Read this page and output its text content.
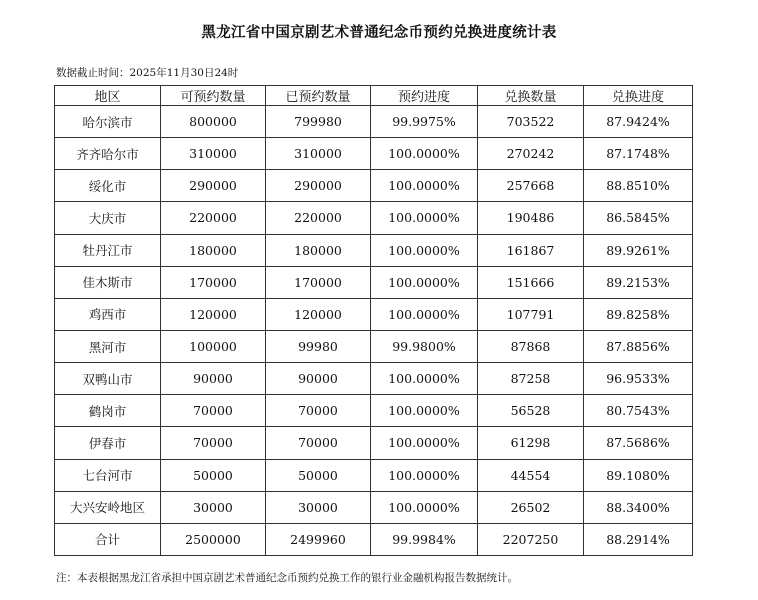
黑龙江省中国京剧艺术普通纪念币预约兑换进度统计表
数据截止时间：2025年11月30日24时
地区	可预约数量	已预约数量	预约进度	兑换数量	兑换进度
哈尔滨市	800000	799980	99.9975%	703522	87.9424%
齐齐哈尔市	310000	310000	100.0000%	270242	87.1748%
绥化市	290000	290000	100.0000%	257668	88.8510%
大庆市	220000	220000	100.0000%	190486	86.5845%
牡丹江市	180000	180000	100.0000%	161867	89.9261%
佳木斯市	170000	170000	100.0000%	151666	89.2153%
鸡西市	120000	120000	100.0000%	107791	89.8258%
黑河市	100000	99980	99.9800%	87868	87.8856%
双鸭山市	90000	90000	100.0000%	87258	96.9533%
鹤岗市	70000	70000	100.0000%	56528	80.7543%
伊春市	70000	70000	100.0000%	61298	87.5686%
七台河市	50000	50000	100.0000%	44554	89.1080%
大兴安岭地区	30000	30000	100.0000%	26502	88.3400%
合计	2500000	2499960	99.9984%	2207250	88.2914%
注：本表根据黑龙江省承担中国京剧艺术普通纪念币预约兑换工作的银行业金融机构报告数据统计。
